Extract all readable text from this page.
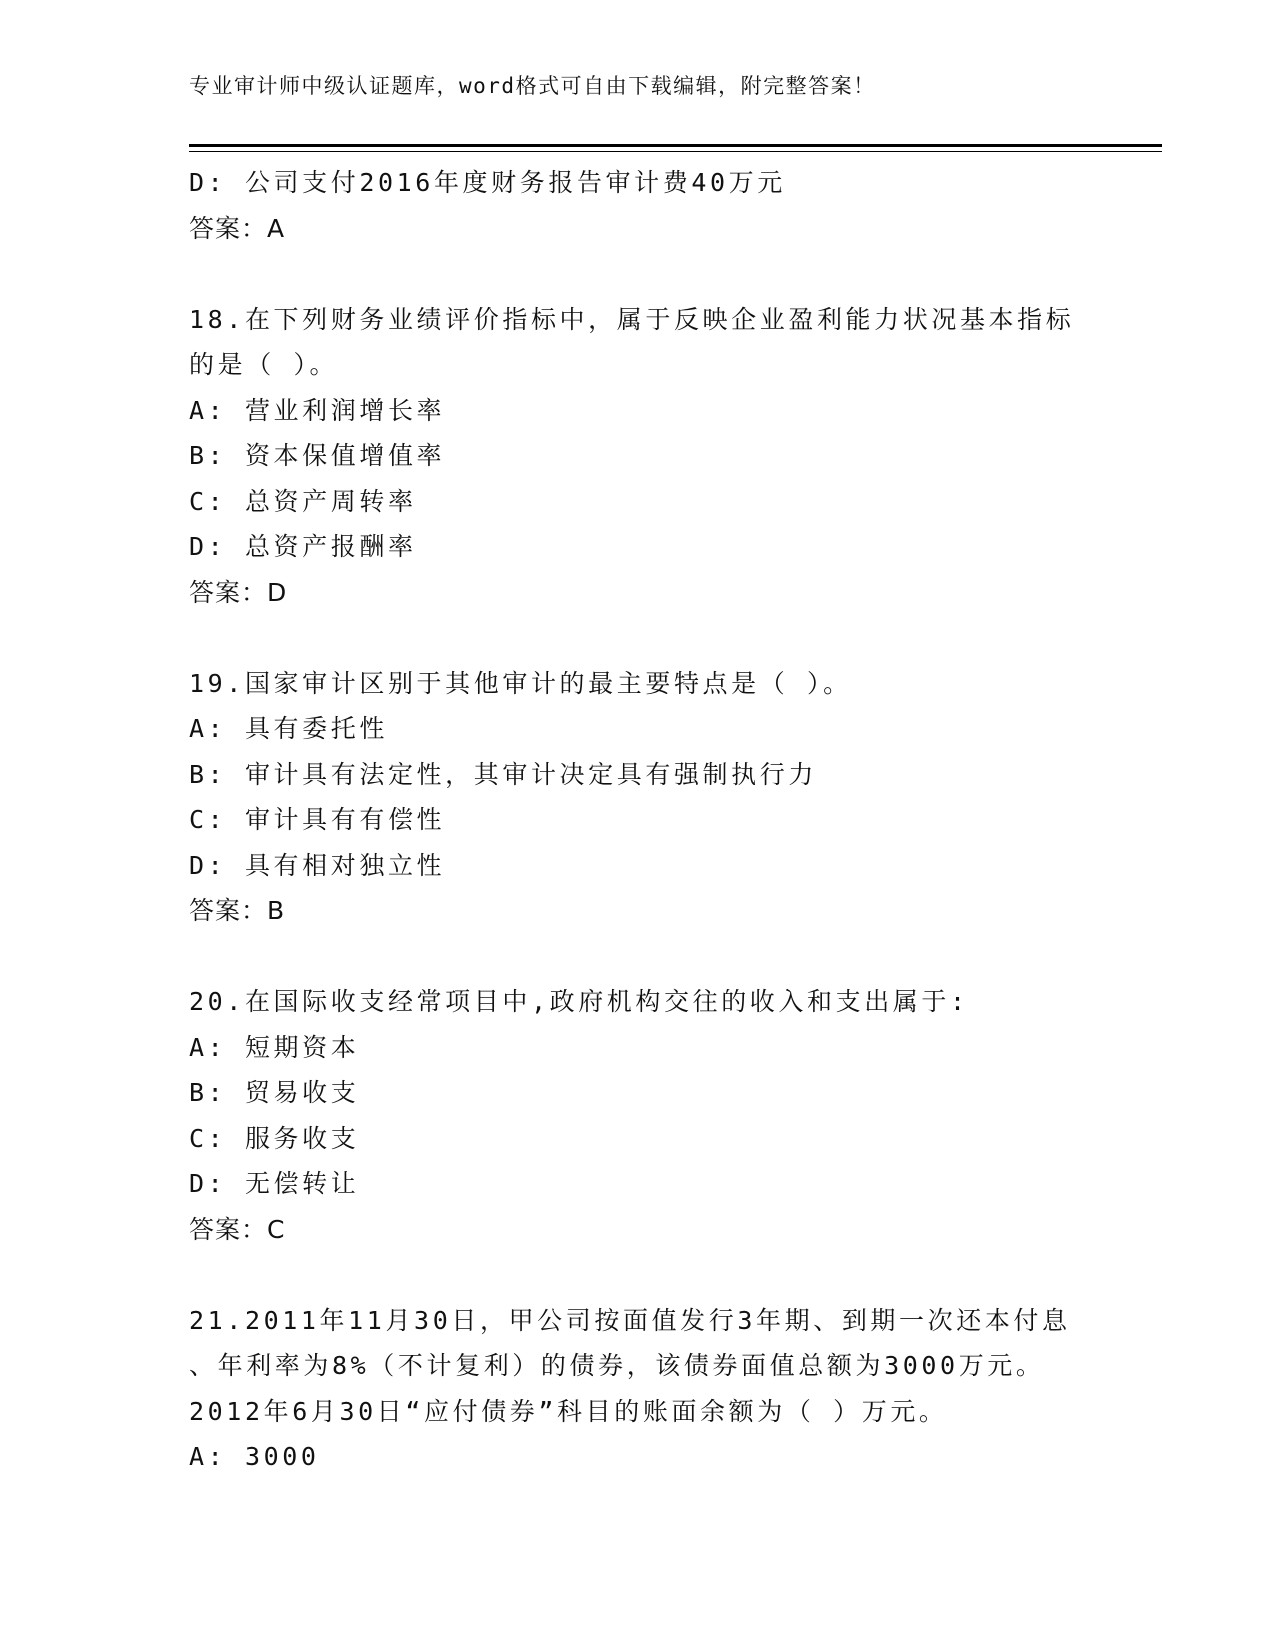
专业审计师中级认证题库，word格式可自由下载编辑，附完整答案！
D: 公司支付2016年度财务报告审计费40万元
答案：A
18.在下列财务业绩评价指标中，属于反映企业盈利能力状况基本指标
的是（ ）。
A: 营业利润增长率
B: 资本保值增值率
C: 总资产周转率
D: 总资产报酬率
答案：D
19.国家审计区别于其他审计的最主要特点是（ ）。
A: 具有委托性
B: 审计具有法定性，其审计决定具有强制执行力
C: 审计具有有偿性
D: 具有相对独立性
答案：B
20.在国际收支经常项目中,政府机构交往的收入和支出属于:
A: 短期资本
B: 贸易收支
C: 服务收支
D: 无偿转让
答案：C
21.2011年11月30日，甲公司按面值发行3年期、到期一次还本付息
、年利率为8%（不计复利）的债券，该债券面值总额为3000万元。
2012年6月30日“应付债券”科目的账面余额为（ ）万元。
A: 3000
